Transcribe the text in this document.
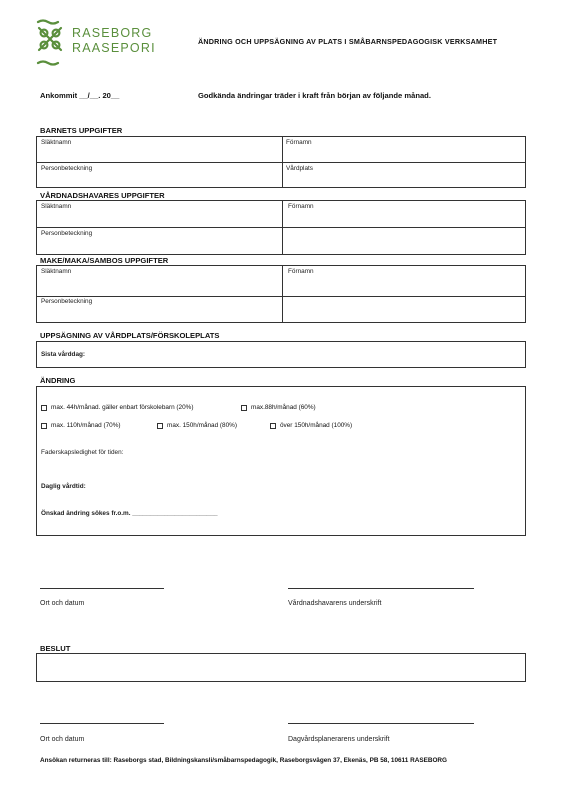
RASEBORG
RAASEPORI	ÄNDRING OCH UPPSÄGNING AV PLATS I SMÅBARNSPEDAGOGISK VERKSAMHET
Ankommit __/__. 20__	Godkända ändringar träder i kraft från början av följande månad.
BARNETS UPPGIFTER
Släktnamn	Förnamn
Personbeteckning	Vårdplats
VÅRDNADSHAVARES UPPGIFTER
Släktnamn	Förnamn
Personbeteckning
MAKE/MAKA/SAMBOS UPPGIFTER
Släktnamn	Förnamn
Personbeteckning
UPPSÄGNING AV VÅRDPLATS/FÖRSKOLEPLATS
Sista vårddag:
ÄNDRING
max. 44h/månad. gäller enbart förskolebarn (20%)	max.88h/månad (60%)
max. 110h/månad (70%)	max. 150h/månad (80%)	över 150h/månad (100%)
Faderskapsledighet för tiden:
Daglig vårdtid:
Önskad ändring sökes fr.o.m. ________________________
Ort och datum	Vårdnadshavarens underskrift
BESLUT
Ort och datum	Dagvårdsplanerarens underskrift
Ansökan returneras till: Raseborgs stad, Bildningskansli/småbarnspedagogik, Raseborgsvägen 37, Ekenäs, PB 58, 10611 RASEBORG
